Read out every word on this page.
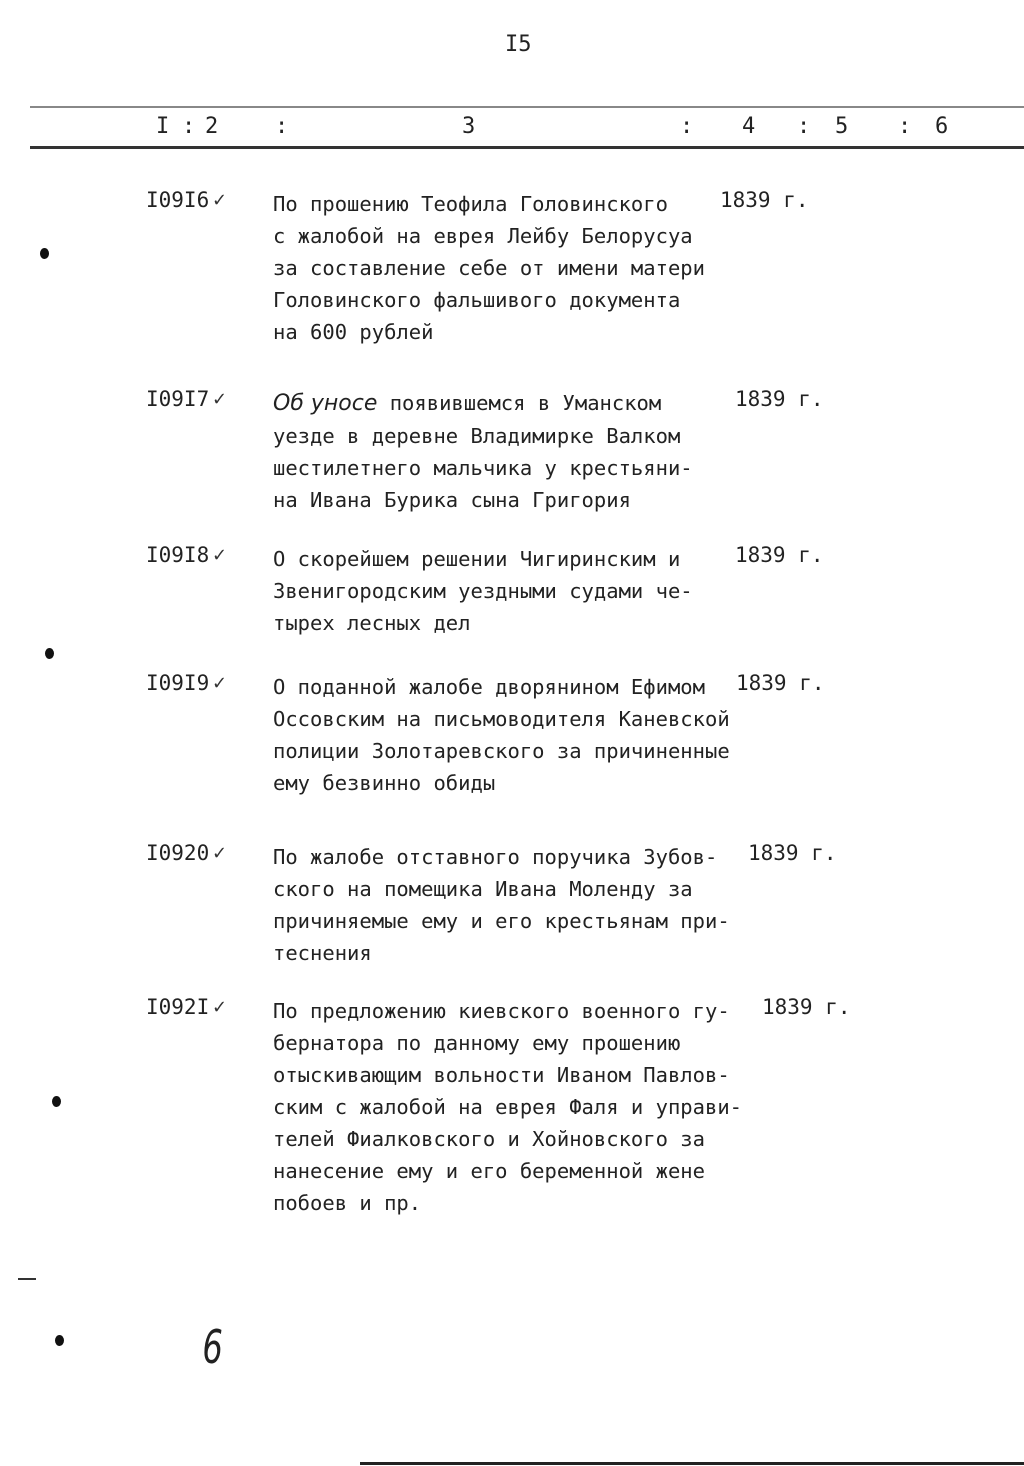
I5
I : 2	:	3	: 4 : 5 : 6
I09I6 ✓ По прошению Теофила Головинского
с жалобой на еврея Лейбу Белорусуа
за составление себе от имени матери
Головинского фальшивого документа
на 600 рублей
1839 г.
I09I7 ✓ Об уносе появившемся в Уманском
уезде в деревне Владимирке Валком
шестилетнего мальчика у крестьяни-
на Ивана Бурика сына Григория
1839 г.
I09I8 ✓ О скорейшем решении Чигиринским и
Звенигородским уездными судами че-
тырех лесных дел
1839 г.
I09I9 ✓ О поданной жалобе дворянином Ефимом
Оссовским на письмоводителя Каневской
полиции Золотаревского за причиненные
ему безвинно обиды
1839 г.
I0920 ✓ По жалобе отставного поручика Зубов-
ского на помещика Ивана Моленду за
причиняемые ему и его крестьянам при-
теснения
1839 г.
I092I ✓ По предложению киевского военного гу-
бернатора по данному ему прошению
отыскивающим вольности Иваном Павлов-
ским с жалобой на еврея Фаля и управи-
телей Фиалковского и Хойновского за
нанесение ему и его беременной жене
побоев и пр.
1839 г.
6
